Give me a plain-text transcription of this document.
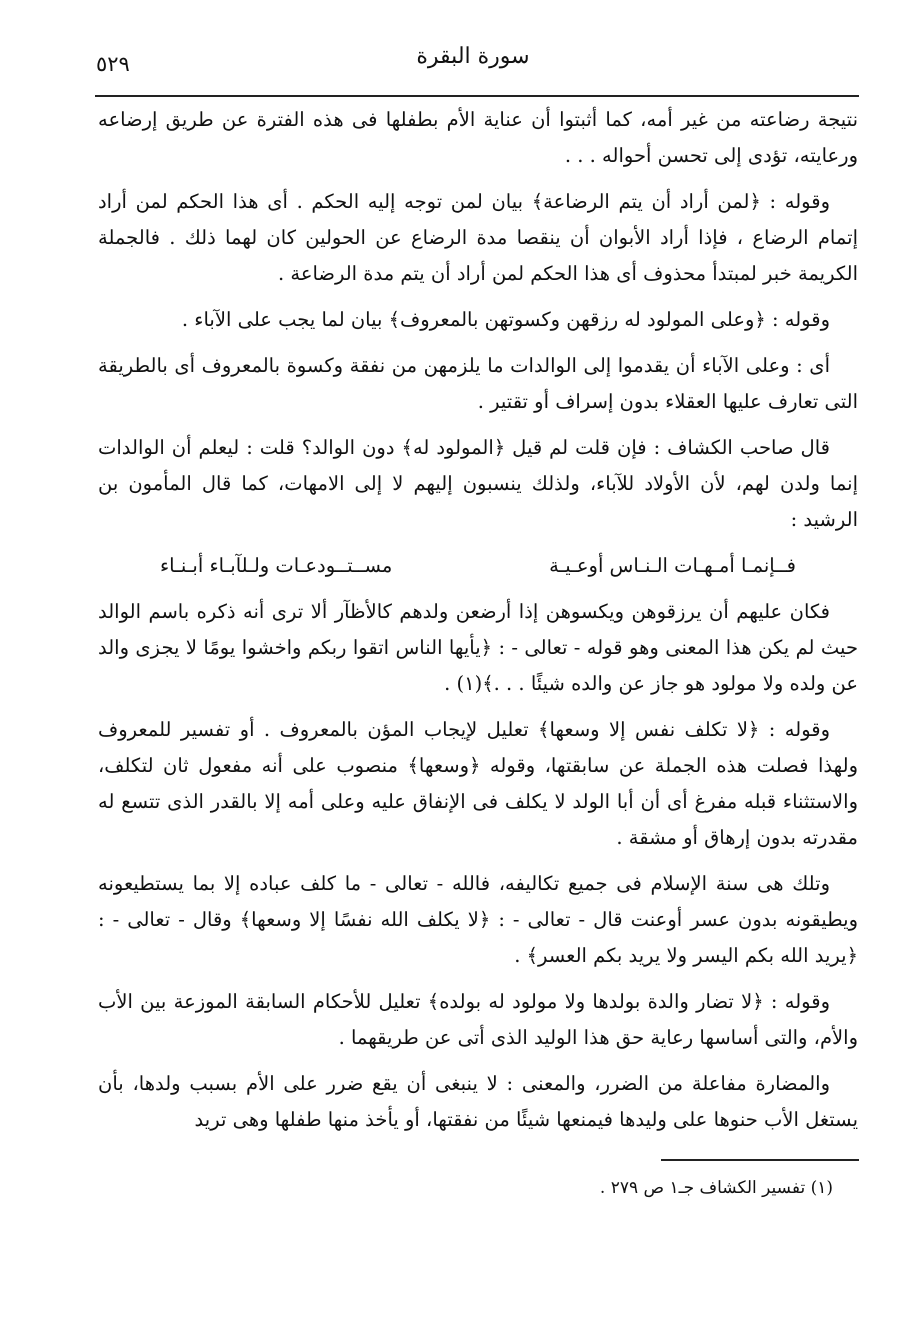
سورة البقرة
٥٢٩

نتيجة رضاعته من غير أمه، كما أثبتوا أن عناية الأم بطفلها فى هذه الفترة عن طريق إرضاعه ورعايته، تؤدى إلى تحسن أحواله . . .

وقوله : ﴿لمن أراد أن يتم الرضاعة﴾ بيان لمن توجه إليه الحكم . أى هذا الحكم لمن أراد إتمام الرضاع ، فإذا أراد الأبوان أن ينقصا مدة الرضاع عن الحولين كان لهما ذلك . فالجملة الكريمة خبر لمبتدأ محذوف أى هذا الحكم لمن أراد أن يتم مدة الرضاعة .

وقوله : ﴿وعلى المولود له رزقهن وكسوتهن بالمعروف﴾ بيان لما يجب على الآباء .

أى : وعلى الآباء أن يقدموا إلى الوالدات ما يلزمهن من نفقة وكسوة بالمعروف أى بالطريقة التى تعارف عليها العقلاء بدون إسراف أو تقتير .

قال صاحب الكشاف : فإن قلت لم قيل ﴿المولود له﴾ دون الوالد؟ قلت : ليعلم أن الوالدات إنما ولدن لهم، لأن الأولاد للآباء، ولذلك ينسبون إليهم لا إلى الامهات، كما قال المأمون بن الرشيد :

فــإنمـا أمـهـات الـنـاس أوعـيـة
مســتــودعـات ولـلآبـاء أبـنـاء

فكان عليهم أن يرزقوهن ويكسوهن إذا أرضعن ولدهم كالأظآر ألا ترى أنه ذكره باسم الوالد حيث لم يكن هذا المعنى وهو قوله - تعالى - : ﴿يأيها الناس اتقوا ربكم واخشوا يومًا لا يجزى والد عن ولده ولا مولود هو جاز عن والده شيئًا . . .﴾(١) .

وقوله : ﴿لا تكلف نفس إلا وسعها﴾ تعليل لإيجاب المؤن بالمعروف . أو تفسير للمعروف ولهذا فصلت هذه الجملة عن سابقتها، وقوله ﴿وسعها﴾ منصوب على أنه مفعول ثان لتكلف، والاستثناء قبله مفرغ أى أن أبا الولد لا يكلف فى الإنفاق عليه وعلى أمه إلا بالقدر الذى تتسع له مقدرته بدون إرهاق أو مشقة .

وتلك هى سنة الإسلام فى جميع تكاليفه، فالله - تعالى - ما كلف عباده إلا بما يستطيعونه ويطيقونه بدون عسر أوعنت قال - تعالى - : ﴿لا يكلف الله نفسًا إلا وسعها﴾ وقال - تعالى - : ﴿يريد الله بكم اليسر ولا يريد بكم العسر﴾ .

وقوله : ﴿لا تضار والدة بولدها ولا مولود له بولده﴾ تعليل للأحكام السابقة الموزعة بين الأب والأم، والتى أساسها رعاية حق هذا الوليد الذى أتى عن طريقهما .

والمضارة مفاعلة من الضرر، والمعنى : لا ينبغى أن يقع ضرر على الأم بسبب ولدها، بأن يستغل الأب حنوها على وليدها فيمنعها شيئًا من نفقتها، أو يأخذ منها طفلها وهى تريد

(١) تفسير الكشاف جـ١ ص ٢٧٩ .
